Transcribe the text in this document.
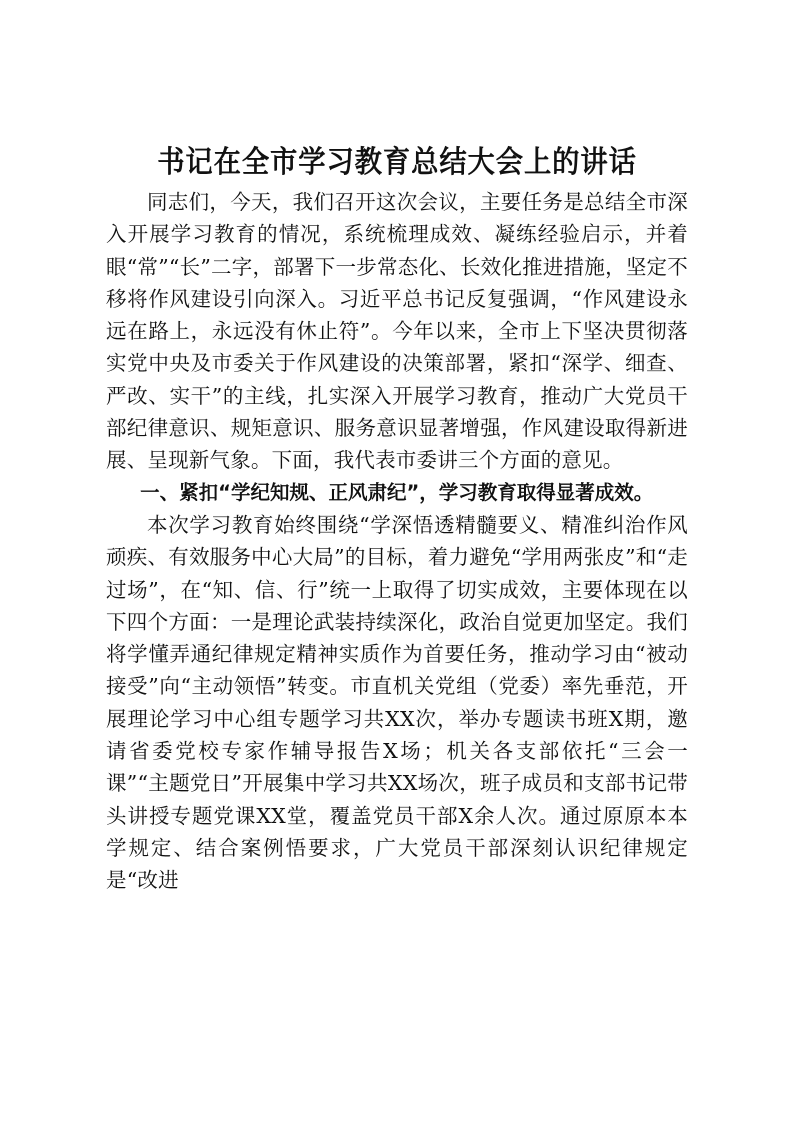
书记在全市学习教育总结大会上的讲话

同志们，今天，我们召开这次会议，主要任务是总结全市深入开展学习教育的情况，系统梳理成效、凝练经验启示，并着眼“常”“长”二字，部署下一步常态化、长效化推进措施，坚定不移将作风建设引向深入。习近平总书记反复强调，“作风建设永远在路上，永远没有休止符”。今年以来，全市上下坚决贯彻落实党中央及市委关于作风建设的决策部署，紧扣“深学、细查、严改、实干”的主线，扎实深入开展学习教育，推动广大党员干部纪律意识、规矩意识、服务意识显著增强，作风建设取得新进展、呈现新气象。下面，我代表市委讲三个方面的意见。

一、紧扣“学纪知规、正风肃纪”，学习教育取得显著成效。

本次学习教育始终围绕“学深悟透精髓要义、精准纠治作风顽疾、有效服务中心大局”的目标，着力避免“学用两张皮”和“走过场”，在“知、信、行”统一上取得了切实成效，主要体现在以下四个方面：一是理论武装持续深化，政治自觉更加坚定。我们将学懂弄通纪律规定精神实质作为首要任务，推动学习由“被动接受”向“主动领悟”转变。市直机关党组（党委）率先垂范，开展理论学习中心组专题学习共XX次，举办专题读书班X期，邀请省委党校专家作辅导报告X场；机关各支部依托“三会一课”“主题党日”开展集中学习共XX场次，班子成员和支部书记带头讲授专题党课XX堂，覆盖党员干部X余人次。通过原原本本学规定、结合案例悟要求，广大党员干部深刻认识纪律规定是“改进
